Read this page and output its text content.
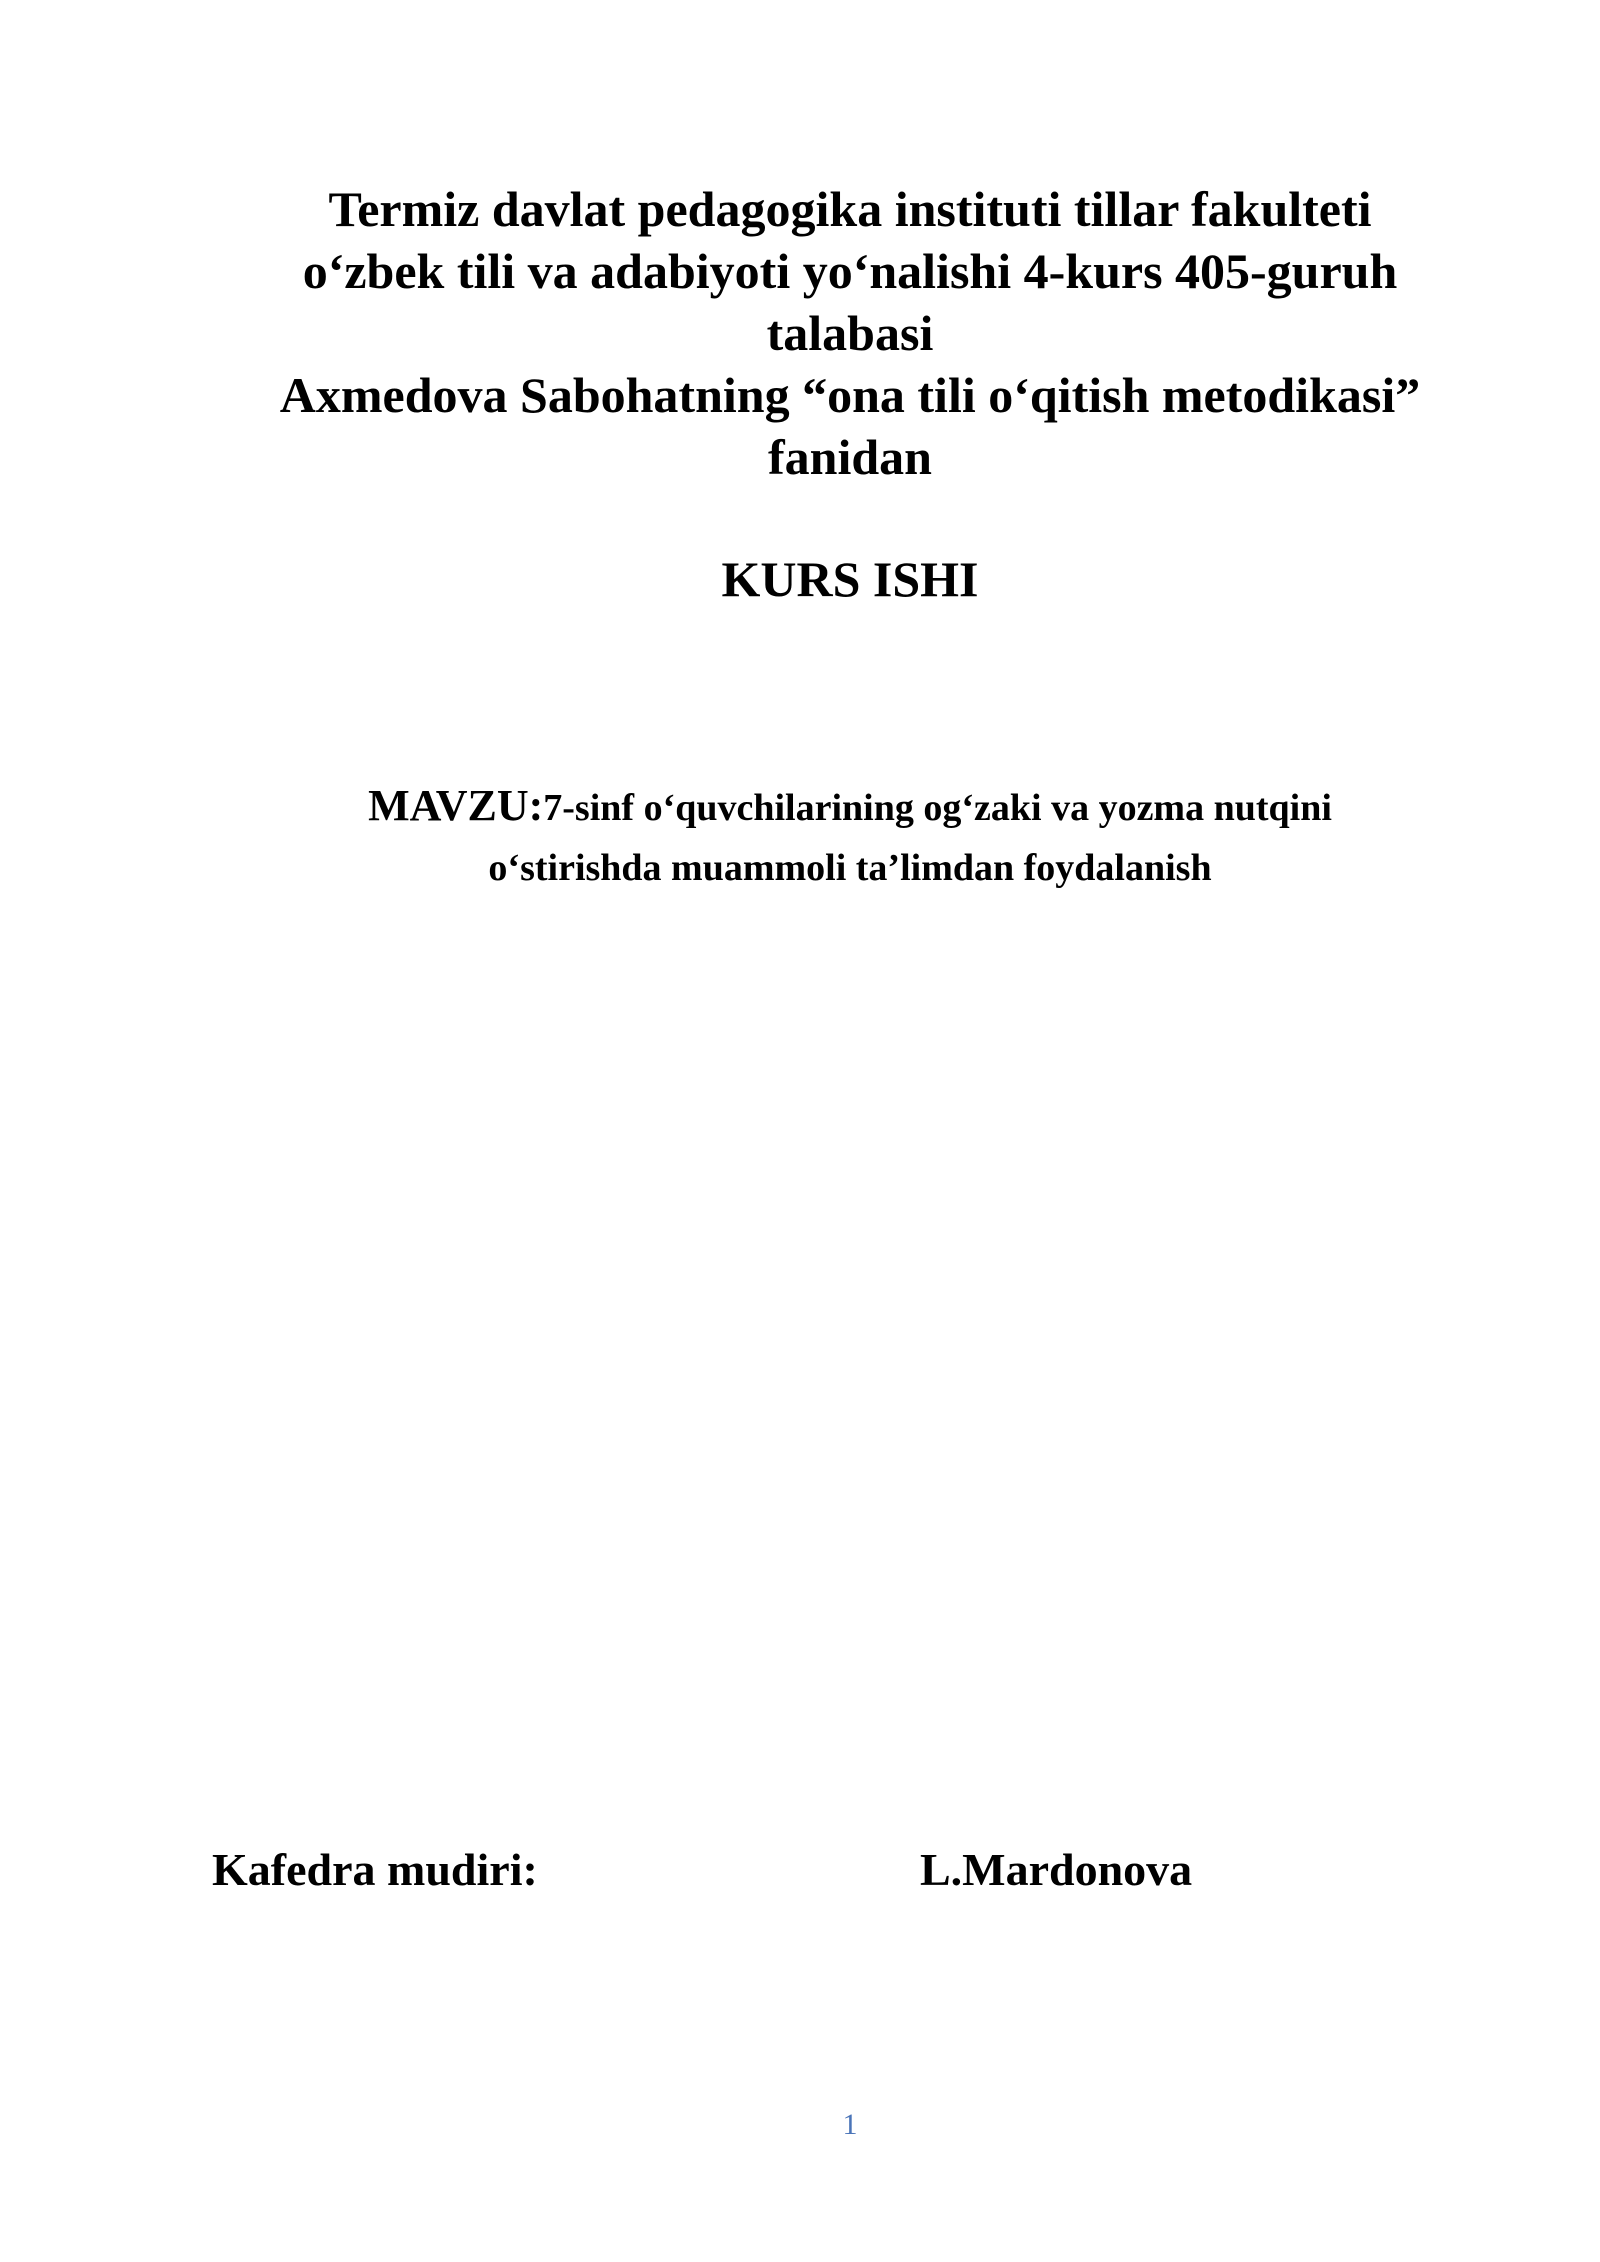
Termiz davlat pedagogika instituti tillar fakulteti
o‘zbek tili va adabiyoti yo‘nalishi 4-kurs 405-guruh
talabasi
Axmedova Sabohatning “ona tili o‘qitish metodikasi”
fanidan
KURS ISHI
MAVZU:7-sinf o‘quvchilarining og‘zaki va yozma nutqini
o‘stirishda muammoli ta’limdan foydalanish
Kafedra mudiri:	L.Mardonova
1
